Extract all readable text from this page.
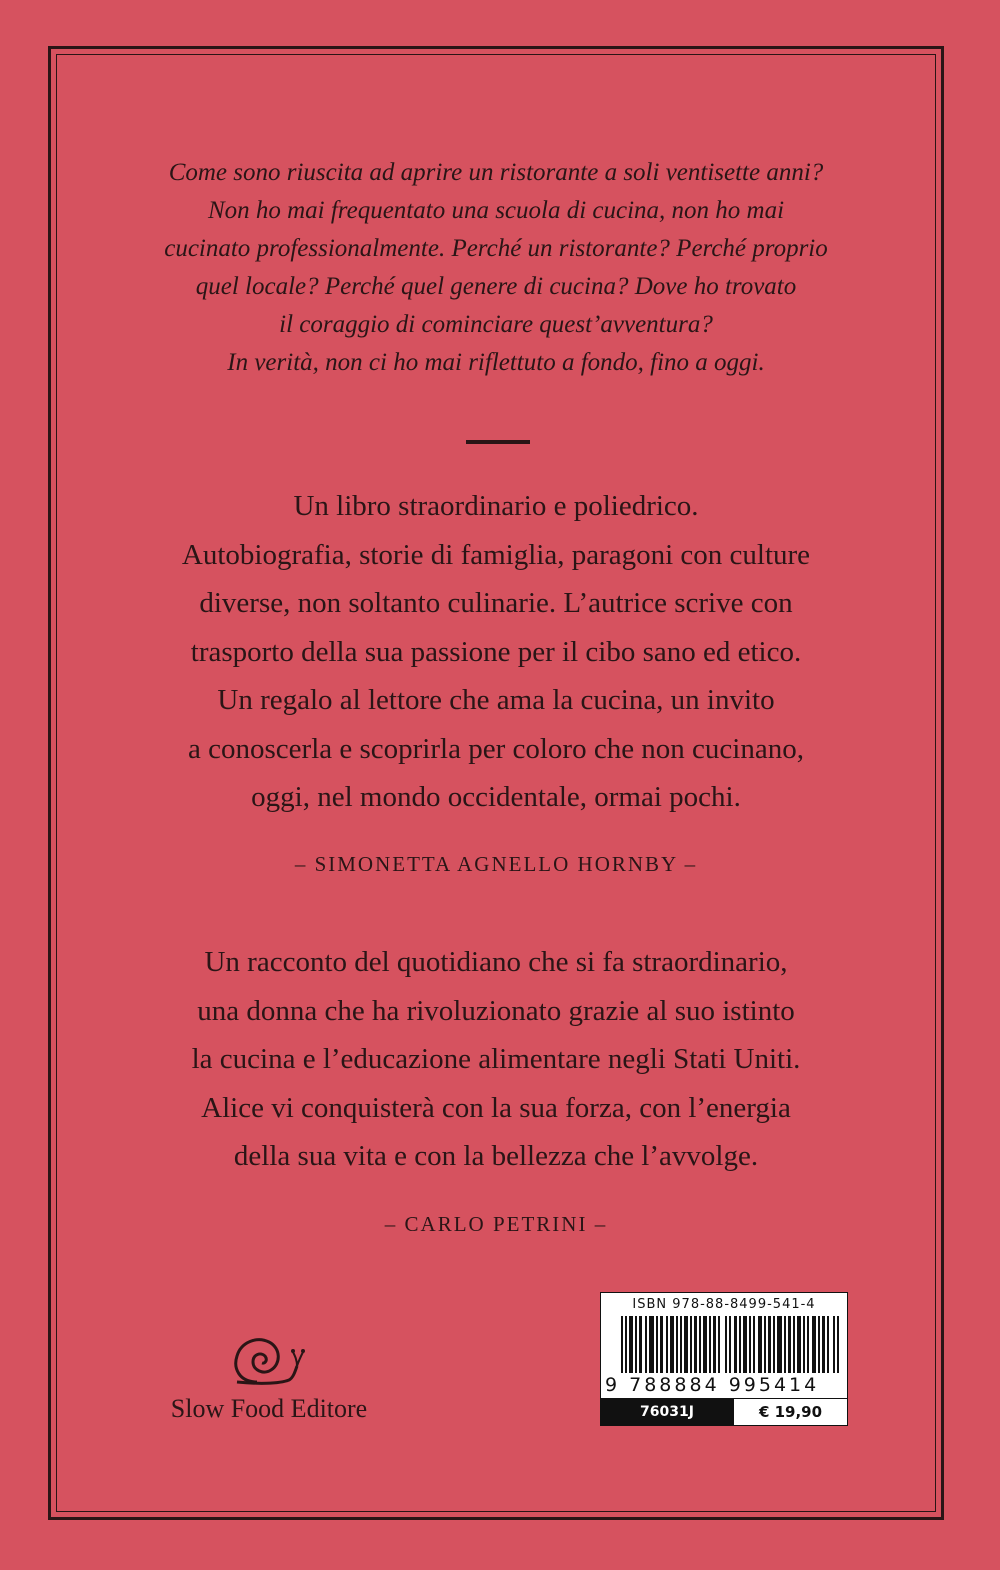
Come sono riuscita ad aprire un ristorante a soli ventisette anni?
Non ho mai frequentato una scuola di cucina, non ho mai
cucinato professionalmente. Perché un ristorante? Perché proprio
quel locale? Perché quel genere di cucina? Dove ho trovato
il coraggio di cominciare quest’avventura?
In verità, non ci ho mai riflettuto a fondo, fino a oggi.
Un libro straordinario e poliedrico.
Autobiografia, storie di famiglia, paragoni con culture
diverse, non soltanto culinarie. L’autrice scrive con
trasporto della sua passione per il cibo sano ed etico.
Un regalo al lettore che ama la cucina, un invito
a conoscerla e scoprirla per coloro che non cucinano,
oggi, nel mondo occidentale, ormai pochi.
– SIMONETTA AGNELLO HORNBY –
Un racconto del quotidiano che si fa straordinario,
una donna che ha rivoluzionato grazie al suo istinto
la cucina e l’educazione alimentare negli Stati Uniti.
Alice vi conquisterà con la sua forza, con l’energia
della sua vita e con la bellezza che l’avvolge.
– CARLO PETRINI –
Slow Food Editore
ISBN 978-88-8499-541-4
9 788884 995414
76031J	€ 19,90
